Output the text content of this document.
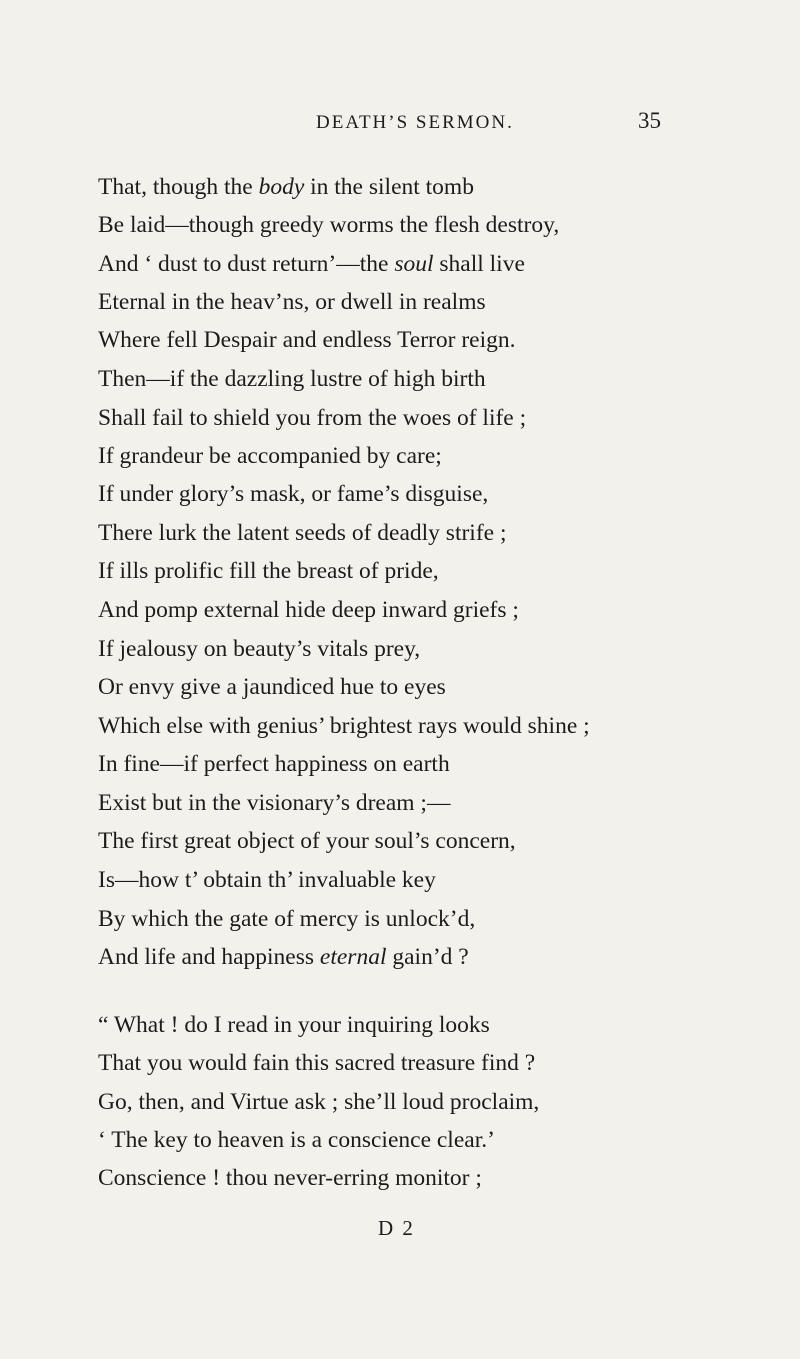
DEATH’S SERMON.	35
That, though the body in the silent tomb
Be laid—though greedy worms the flesh destroy,
And ‘ dust to dust return’—the soul shall live
Eternal in the heav’ns, or dwell in realms
Where fell Despair and endless Terror reign.
Then—if the dazzling lustre of high birth
Shall fail to shield you from the woes of life ;
If grandeur be accompanied by care;
If under glory’s mask, or fame’s disguise,
There lurk the latent seeds of deadly strife ;
If ills prolific fill the breast of pride,
And pomp external hide deep inward griefs ;
If jealousy on beauty’s vitals prey,
Or envy give a jaundiced hue to eyes
Which else with genius’ brightest rays would shine ;
In fine—if perfect happiness on earth
Exist but in the visionary’s dream ;—
The first great object of your soul’s concern,
Is—how t’ obtain th’ invaluable key
By which the gate of mercy is unlock’d,
And life and happiness eternal gain’d ?
“ What ! do I read in your inquiring looks
That you would fain this sacred treasure find ?
Go, then, and Virtue ask ; she’ll loud proclaim,
‘ The key to heaven is a conscience clear.’
Conscience ! thou never-erring monitor ;
D 2
